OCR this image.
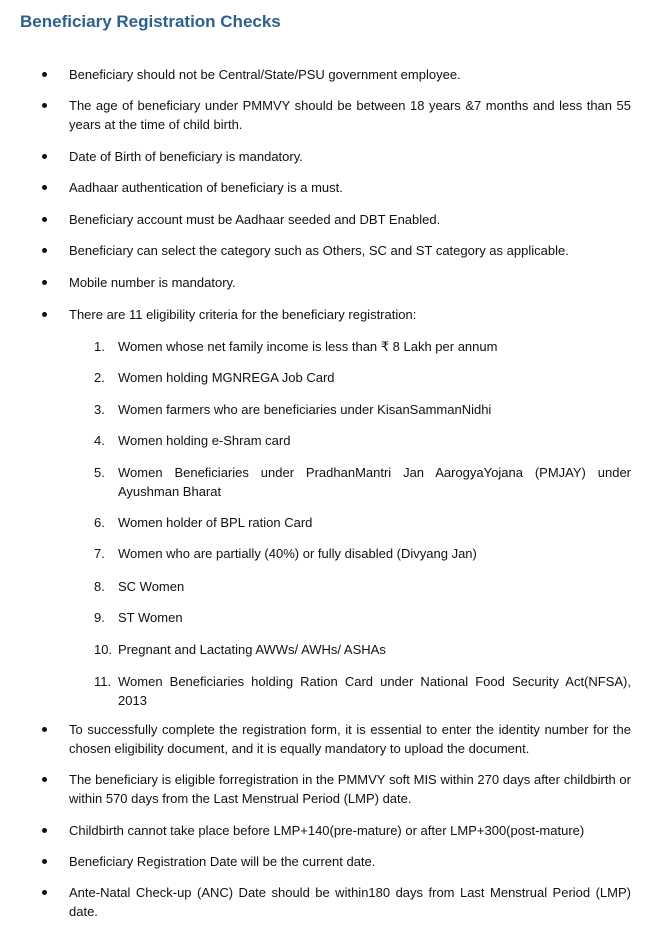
Beneficiary Registration Checks
Beneficiary should not be Central/State/PSU government employee.
The age of beneficiary under PMMVY should be between 18 years &7 months and less than 55 years at the time of child birth.
Date of Birth of beneficiary is mandatory.
Aadhaar authentication of beneficiary is a must.
Beneficiary account must be Aadhaar seeded and DBT Enabled.
Beneficiary can select the category such as Others, SC and ST category as applicable.
Mobile number is mandatory.
There are 11 eligibility criteria for the beneficiary registration:
1.	Women whose net family income is less than ₹ 8 Lakh per annum
2.	Women holding MGNREGA Job Card
3.	Women farmers who are beneficiaries under KisanSammanNidhi
4.	Women holding e-Shram card
5.	Women Beneficiaries under PradhanMantri Jan AarogyaYojana (PMJAY) under Ayushman Bharat
6.	Women holder of BPL ration Card
7.	Women who are partially (40%) or fully disabled (Divyang Jan)
8.	SC Women
9.	ST Women
10. Pregnant and Lactating AWWs/ AWHs/ ASHAs
11. Women Beneficiaries holding Ration Card under National Food Security Act(NFSA), 2013
To successfully complete the registration form, it is essential to enter the identity number for the chosen eligibility document, and it is equally mandatory to upload the document.
The beneficiary is eligible forregistration in the PMMVY soft MIS within 270 days after childbirth or within 570 days from the Last Menstrual Period (LMP) date.
Childbirth cannot take place before LMP+140(pre-mature) or after LMP+300(post-mature)
Beneficiary Registration Date will be the current date.
Ante-Natal Check-up (ANC) Date should be within180 days from Last Menstrual Period (LMP) date.
